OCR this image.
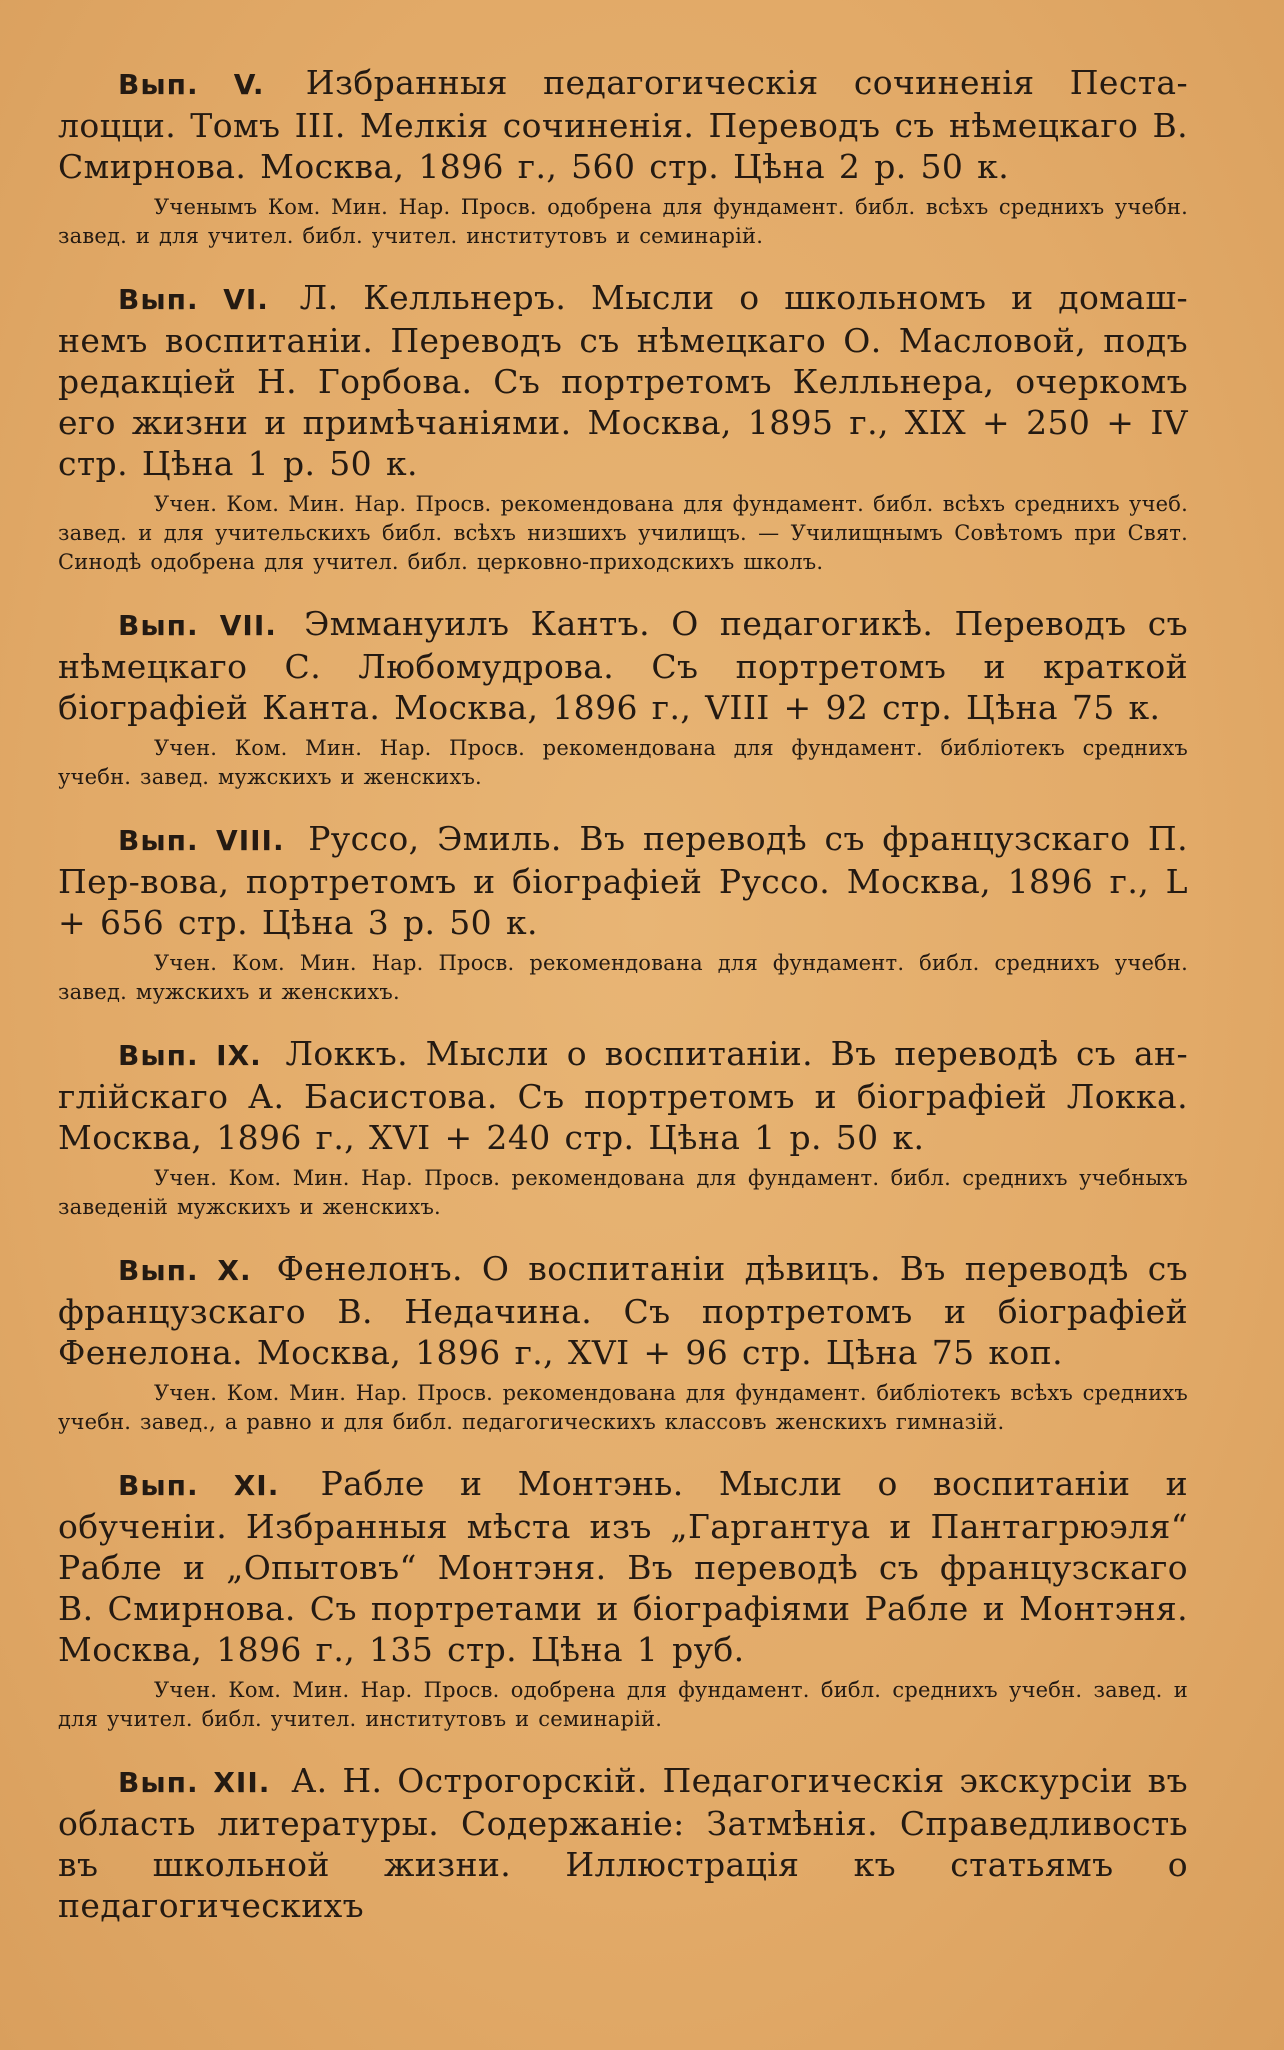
Вып. V. Избранныя педагогическія сочиненія Песта-лоцци. Томъ III. Мелкія сочиненія. Переводъ съ нѣмецкаго В. Смирнова. Москва, 1896 г., 560 стр. Цѣна 2 р. 50 к.
Ученымъ Ком. Мин. Нар. Просв. одобрена для фундамент. библ. всѣхъ среднихъ учебн. завед. и для учител. библ. учител. институтовъ и семинарій.
Вып. VI. Л. Келльнеръ. Мысли о школьномъ и домаш-немъ воспитаніи. Переводъ съ нѣмецкаго О. Масловой, подъ редакціей Н. Горбова. Съ портретомъ Келльнера, очеркомъ его жизни и примѣчаніями. Москва, 1895 г., XIX + 250 + IV стр. Цѣна 1 р. 50 к.
Учен. Ком. Мин. Нар. Просв. рекомендована для фундамент. библ. всѣхъ среднихъ учеб. завед. и для учительскихъ библ. всѣхъ низшихъ училищъ. — Училищнымъ Совѣтомъ при Свят. Синодѣ одобрена для учител. библ. церковно-приходскихъ школъ.
Вып. VII. Эммануилъ Кантъ. О педагогикѣ. Переводъ съ нѣмецкаго С. Любомудрова. Съ портретомъ и краткой біографіей Канта. Москва, 1896 г., VIII + 92 стр. Цѣна 75 к.
Учен. Ком. Мин. Нар. Просв. рекомендована для фундамент. библіотекъ среднихъ учебн. завед. мужскихъ и женскихъ.
Вып. VIII. Руссо, Эмиль. Въ переводѣ съ французскаго П. Пер-вова, портретомъ и біографіей Руссо. Москва, 1896 г., L + 656 стр. Цѣна 3 р. 50 к.
Учен. Ком. Мин. Нар. Просв. рекомендована для фундамент. библ. среднихъ учебн. завед. мужскихъ и женскихъ.
Вып. IX. Локкъ. Мысли о воспитаніи. Въ переводѣ съ ан-глійскаго А. Басистова. Съ портретомъ и біографіей Локка. Москва, 1896 г., XVI + 240 стр. Цѣна 1 р. 50 к.
Учен. Ком. Мин. Нар. Просв. рекомендована для фундамент. библ. среднихъ учебныхъ заведеній мужскихъ и женскихъ.
Вып. X. Фенелонъ. О воспитаніи дѣвицъ. Въ переводѣ съ французскаго В. Недачина. Съ портретомъ и біографіей Фенелона. Москва, 1896 г., XVI + 96 стр. Цѣна 75 коп.
Учен. Ком. Мин. Нар. Просв. рекомендована для фундамент. библіотекъ всѣхъ среднихъ учебн. завед., а равно и для библ. педагогическихъ классовъ женскихъ гимназій.
Вып. XI. Рабле и Монтэнь. Мысли о воспитаніи и обученіи. Избранныя мѣста изъ „Гаргантуа и Пантагрюэля“ Рабле и „Опытовъ“ Монтэня. Въ переводѣ съ французскаго В. Смирнова. Съ портретами и біографіями Рабле и Монтэня. Москва, 1896 г., 135 стр. Цѣна 1 руб.
Учен. Ком. Мин. Нар. Просв. одобрена для фундамент. библ. среднихъ учебн. завед. и для учител. библ. учител. институтовъ и семинарій.
Вып. XII. А. Н. Острогорскій. Педагогическія экскурсіи въ область литературы. Содержаніе: Затмѣнія. Справедливость въ школьной жизни. Иллюстрація къ статьямъ о педагогическихъ
